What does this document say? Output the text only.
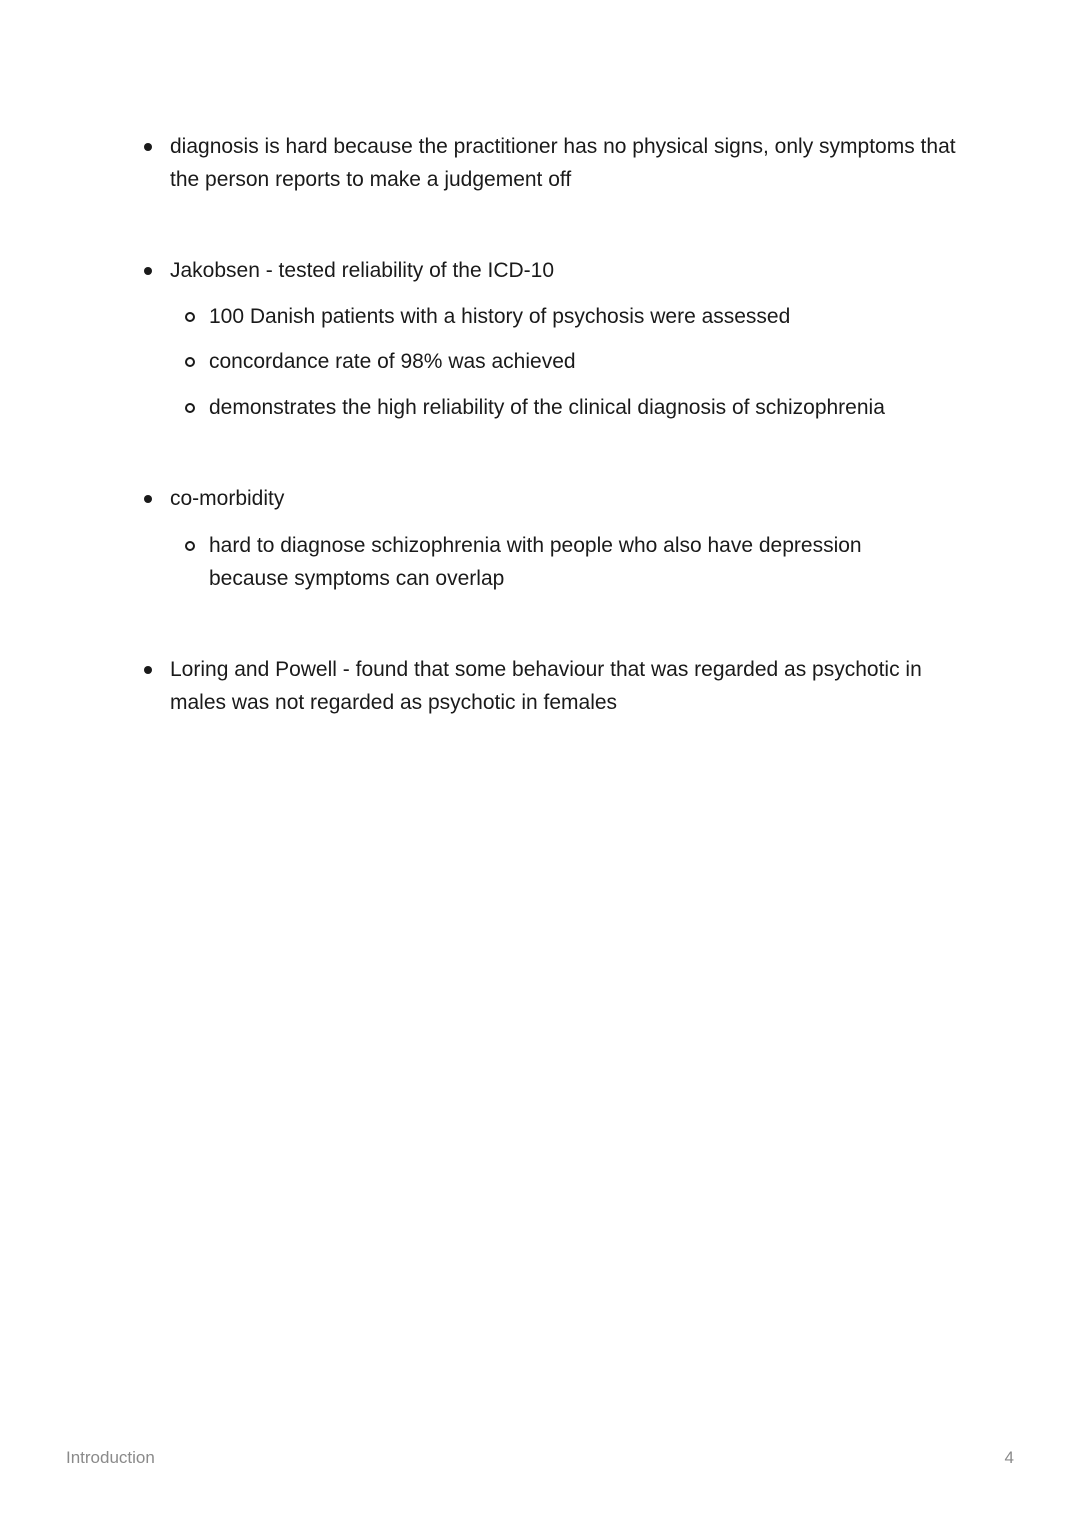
diagnosis is hard because the practitioner has no physical signs, only symptoms that the person reports to make a judgement off
Jakobsen - tested reliability of the ICD-10
100 Danish patients with a history of psychosis were assessed
concordance rate of 98% was achieved
demonstrates the high reliability of the clinical diagnosis of schizophrenia
co-morbidity
hard to diagnose schizophrenia with people who also have depression because symptoms can overlap
Loring and Powell - found that some behaviour that was regarded as psychotic in males was not regarded as psychotic in females
Introduction	4
